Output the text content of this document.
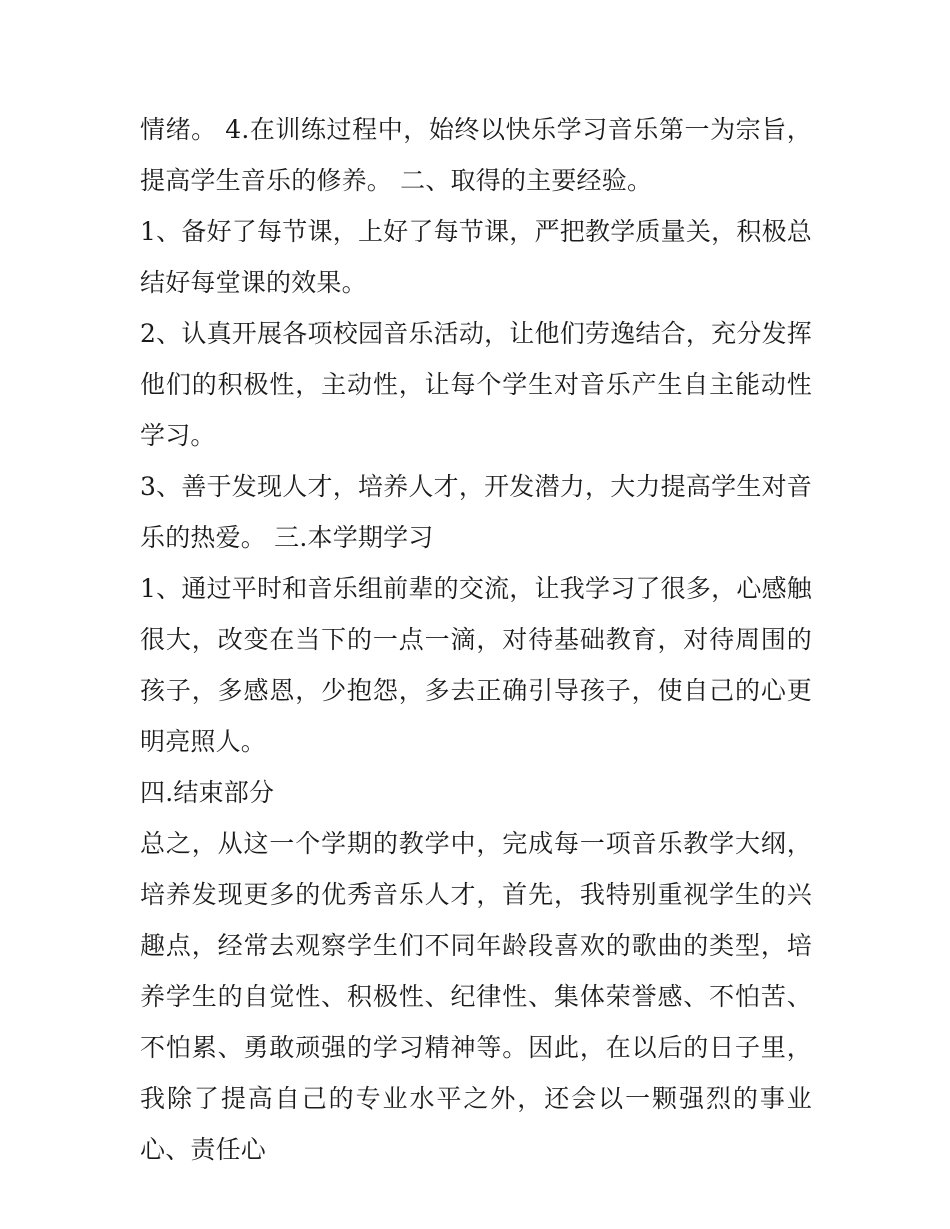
情绪。 4.在训练过程中，始终以快乐学习音乐第一为宗旨，提高学生音乐的修养。 二、取得的主要经验。

1、备好了每节课，上好了每节课，严把教学质量关，积极总结好每堂课的效果。

2、认真开展各项校园音乐活动，让他们劳逸结合，充分发挥他们的积极性，主动性，让每个学生对音乐产生自主能动性学习。

3、善于发现人才，培养人才，开发潜力，大力提高学生对音乐的热爱。 三.本学期学习

1、通过平时和音乐组前辈的交流，让我学习了很多，心感触很大，改变在当下的一点一滴，对待基础教育，对待周围的孩子，多感恩，少抱怨，多去正确引导孩子，使自己的心更明亮照人。

四.结束部分

总之，从这一个学期的教学中，完成每一项音乐教学大纲，培养发现更多的优秀音乐人才，首先，我特别重视学生的兴趣点，经常去观察学生们不同年龄段喜欢的歌曲的类型，培养学生的自觉性、积极性、纪律性、集体荣誉感、不怕苦、不怕累、勇敢顽强的学习精神等。因此，在以后的日子里，我除了提高自己的专业水平之外，还会以一颗强烈的事业心、责任心
